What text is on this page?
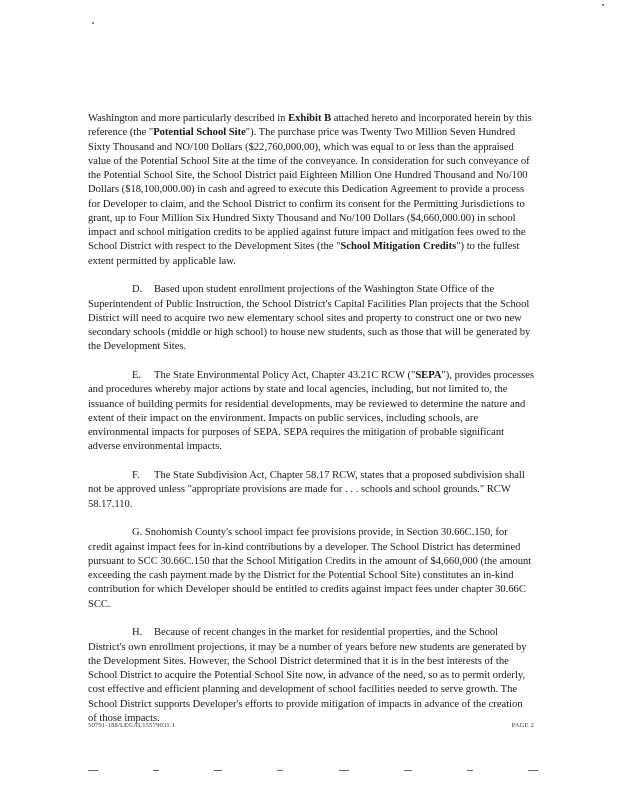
Washington and more particularly described in Exhibit B attached hereto and incorporated herein by this reference (the "Potential School Site"). The purchase price was Twenty Two Million Seven Hundred Sixty Thousand and NO/100 Dollars ($22,760,000.00), which was equal to or less than the appraised value of the Potential School Site at the time of the conveyance. In consideration for such conveyance of the Potential School Site, the School District paid Eighteen Million One Hundred Thousand and No/100 Dollars ($18,100,000.00) in cash and agreed to execute this Dedication Agreement to provide a process for Developer to claim, and the School District to confirm its consent for the Permitting Jurisdictions to grant, up to Four Million Six Hundred Sixty Thousand and No/100 Dollars ($4,660,000.00) in school impact and school mitigation credits to be applied against future impact and mitigation fees owed to the School District with respect to the Development Sites (the "School Mitigation Credits") to the fullest extent permitted by applicable law.

D. Based upon student enrollment projections of the Washington State Office of the Superintendent of Public Instruction, the School District's Capital Facilities Plan projects that the School District will need to acquire two new elementary school sites and property to construct one or two new secondary schools (middle or high school) to house new students, such as those that will be generated by the Development Sites.

E. The State Environmental Policy Act, Chapter 43.21C RCW ("SEPA"), provides processes and procedures whereby major actions by state and local agencies, including, but not limited to, the issuance of building permits for residential developments, may be reviewed to determine the nature and extent of their impact on the environment. Impacts on public services, including schools, are environmental impacts for purposes of SEPA. SEPA requires the mitigation of probable significant adverse environmental impacts.

F. The State Subdivision Act, Chapter 58.17 RCW, states that a proposed subdivision shall not be approved unless "appropriate provisions are made for . . . schools and school grounds." RCW 58.17.110.

G. Snohomish County's school impact fee provisions provide, in Section 30.66C.150, for credit against impact fees for in-kind contributions by a developer. The School District has determined pursuant to SCC 30.66C.150 that the School Mitigation Credits in the amount of $4,660,000 (the amount exceeding the cash payment made by the District for the Potential School Site) constitutes an in-kind contribution for which Developer should be entitled to credits against impact fees under chapter 30.66C SCC.

H. Because of recent changes in the market for residential properties, and the School District's own enrollment projections, it may be a number of years before new students are generated by the Development Sites. However, the School District determined that it is in the best interests of the School District to acquire the Potential School Site now, in advance of the need, so as to permit orderly, cost effective and efficient planning and development of school facilities needed to serve growth. The School District supports Developer's efforts to provide mitigation of impacts in advance of the creation of those impacts.

50791-188/LEGAL15579031.1	PAGE 2
